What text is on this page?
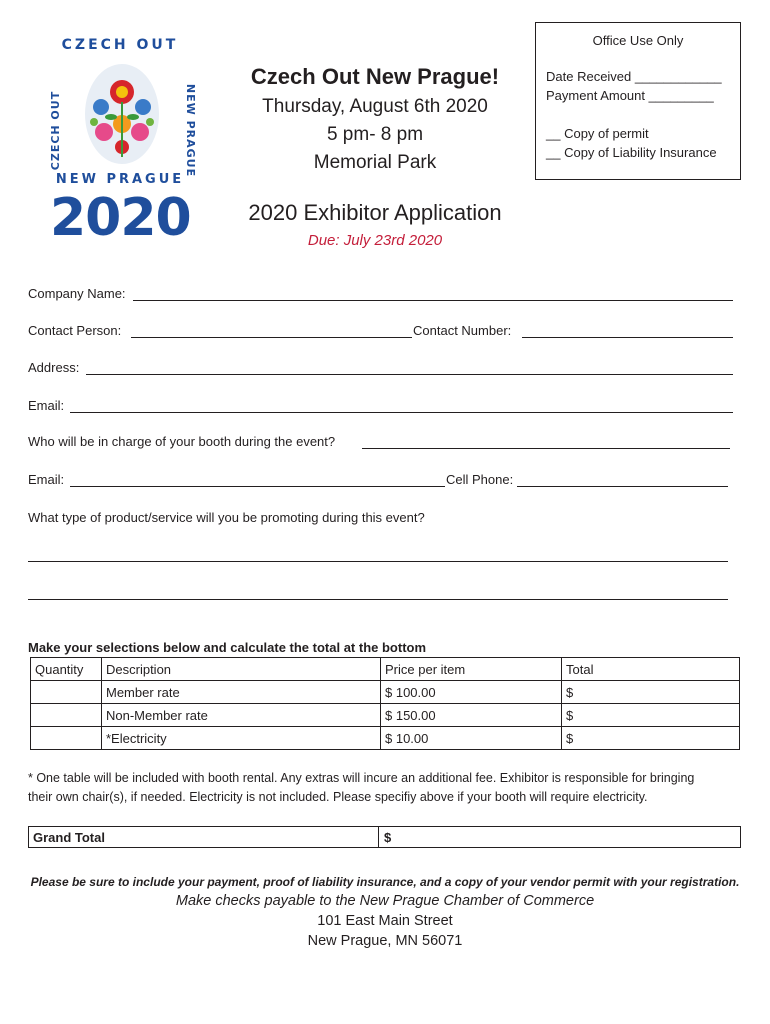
CZECH OUT
CZECH OUT	NEW PRAGUE
NEW PRAGUE
2020
Czech Out New Prague!
Thursday, August 6th 2020
5 pm- 8 pm
Memorial Park
Office Use Only
Date Received ____________
Payment Amount _________
__ Copy of permit
__ Copy of Liability Insurance
2020 Exhibitor Application
Due: July 23rd 2020
Company Name:
Contact Person:	Contact Number:
Address:
Email:
Who will be in charge of your booth during the event?
Email:	Cell Phone:
What type of product/service will you be promoting during this event?
Make your selections below and calculate the total at the bottom
Quantity	Description	Price per item	Total
	Member rate	$ 100.00	$
	Non-Member rate	$ 150.00	$
	*Electricity	$ 10.00	$
* One table will be included with booth rental. Any extras will incure an additional fee. Exhibitor is responsible for bringing
their own chair(s), if needed. Electricity is not included. Please specifiy above if your booth will require electricity.
Grand Total	$
Please be sure to include your payment, proof of liability insurance, and a copy of your vendor permit with your registration.
Make checks payable to the New Prague Chamber of Commerce
101 East Main Street
New Prague, MN 56071
